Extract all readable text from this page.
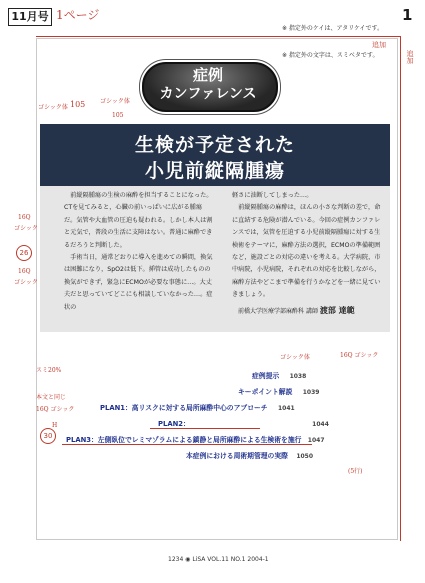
11月号 1ページ

※ 指定外のケイは、アタリケイです。

※ 指定外の文字は、スミベタです。

1
症例
カンファレンス
生検が予定された
小児前縦隔腫瘍
　前縦隔腫瘍の生検の麻酔を担当することになった。CTを見てみると，心臓の前いっぱいに広がる腫瘍だ。気管や大血管の圧迫も疑われる。しかし本人は割と元気で，普段の生活に支障はない。普通に麻酔できるだろうと判断した。
　手術当日，通常どおりに導入を進めての瞬間，換気は困難になり，SpO2は低下。挿管は成功したものの換気ができず，緊急にECMOが必要な事態に…。大丈夫だと思っていてどこにも相談していなかった…。症状の
軽さに油断してしまった…。
　前縦隔腫瘍の麻酔は，ほんの小さな判断の差で，命に直結する危険が潜んでいる。今回の症例カンファレンスでは，気管を圧迫する小児前縦隔腫瘍に対する生検術をテーマに，麻酔方法の選択，ECMOの準備範囲など，施設ごとの対応の違いを考える。大学病院，市中病院，小児病院，それぞれの対応を比較しながら，麻酔方法やどこまで準備を行うかなどを一緒に見ていきましょう。
前橋大学医療学部麻酔科 講師 渡部 達範
症例提示 1038
キーポイント解説 1039
PLAN1：高リスクに対する局所麻酔中心のアプローチ 1041
PLAN2：	1044
PLAN3：左側臥位でレミマゾラムによる鎮静と局所麻酔による生検術を施行 1047
本症例における周術期管理の実際 1050
追加
追加
ゴシック体 105 ゴシック体
105
16Q
ゴシック
26
16Q
ゴシック
スミ20%
本文と同じ
16Q ゴシック
30
H
ゴシック体	16Q ゴシック
(5行)
1234 ◉ LiSA VOL.11 NO.1 2004-1
